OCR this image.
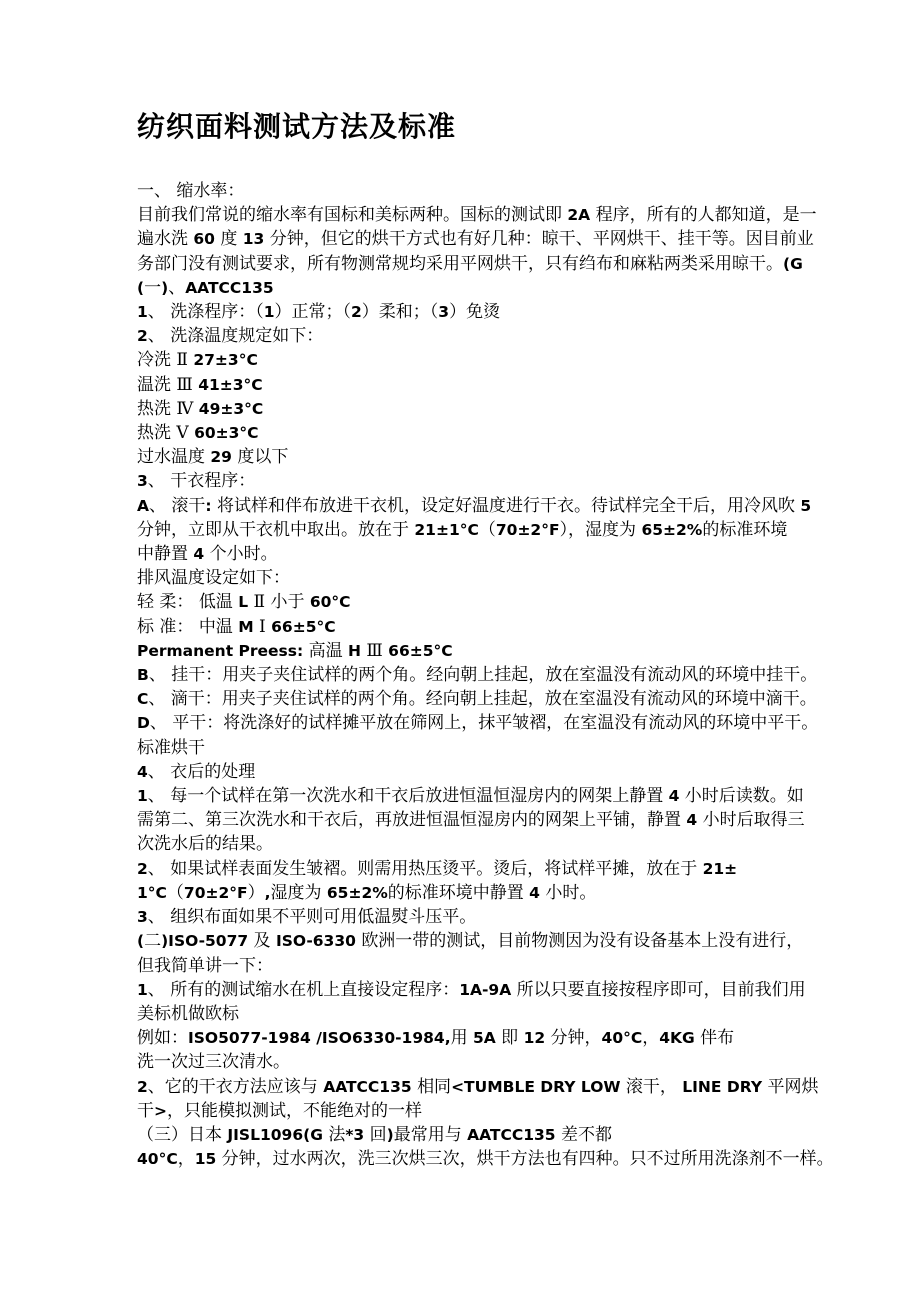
纺织面料测试方法及标准
一、 缩水率：
目前我们常说的缩水率有国标和美标两种。国标的测试即 2A 程序，所有的人都知道，是一
遍水洗 60 度 13 分钟，但它的烘干方式也有好几种：晾干、平网烘干、挂干等。因目前业
务部门没有测试要求，所有物测常规均采用平网烘干，只有绉布和麻粘两类采用晾干。(G
(一)、AATCC135
1、 洗涤程序：（1）正常；（2）柔和；（3）免烫
2、 洗涤温度规定如下：
冷洗 Ⅱ 27±3°C
温洗 Ⅲ 41±3°C
热洗 Ⅳ 49±3°C
热洗 Ⅴ 60±3°C
过水温度 29 度以下
3、 干衣程序：
A、 滚干: 将试样和伴布放进干衣机，设定好温度进行干衣。待试样完全干后，用冷风吹 5
分钟，立即从干衣机中取出。放在于 21±1°C（70±2°F），湿度为 65±2%的标准环境
中静置 4 个小时。
排风温度设定如下：
轻 柔： 低温 L Ⅱ 小于 60°C
标 准： 中温 M Ⅰ 66±5°C
Permanent Preess: 高温 H Ⅲ 66±5°C
B、 挂干：用夹子夹住试样的两个角。经向朝上挂起，放在室温没有流动风的环境中挂干。
C、 滴干：用夹子夹住试样的两个角。经向朝上挂起，放在室温没有流动风的环境中滴干。
D、 平干：将洗涤好的试样摊平放在筛网上，抹平皱褶，在室温没有流动风的环境中平干。
标准烘干
4、 衣后的处理
1、 每一个试样在第一次洗水和干衣后放进恒温恒湿房内的网架上静置 4 小时后读数。如
需第二、第三次洗水和干衣后，再放进恒温恒湿房内的网架上平铺，静置 4 小时后取得三
次洗水后的结果。
2、 如果试样表面发生皱褶。则需用热压烫平。烫后，将试样平摊，放在于 21±
1°C（70±2°F）,湿度为 65±2%的标准环境中静置 4 小时。
3、 组织布面如果不平则可用低温熨斗压平。
(二)ISO-5077 及 ISO-6330 欧洲一带的测试，目前物测因为没有设备基本上没有进行，
但我简单讲一下：
1、 所有的测试缩水在机上直接设定程序：1A-9A 所以只要直接按程序即可，目前我们用
美标机做欧标
例如：ISO5077-1984 /ISO6330-1984,用 5A 即 12 分钟，40°C，4KG 伴布
洗一次过三次清水。
2、它的干衣方法应该与 AATCC135 相同<TUMBLE DRY LOW 滚干， LINE DRY 平网烘
干>，只能模拟测试，不能绝对的一样
（三）日本 JISL1096(G 法*3 回)最常用与 AATCC135 差不都
40°C，15 分钟，过水两次，洗三次烘三次，烘干方法也有四种。只不过所用洗涤剂不一样。
